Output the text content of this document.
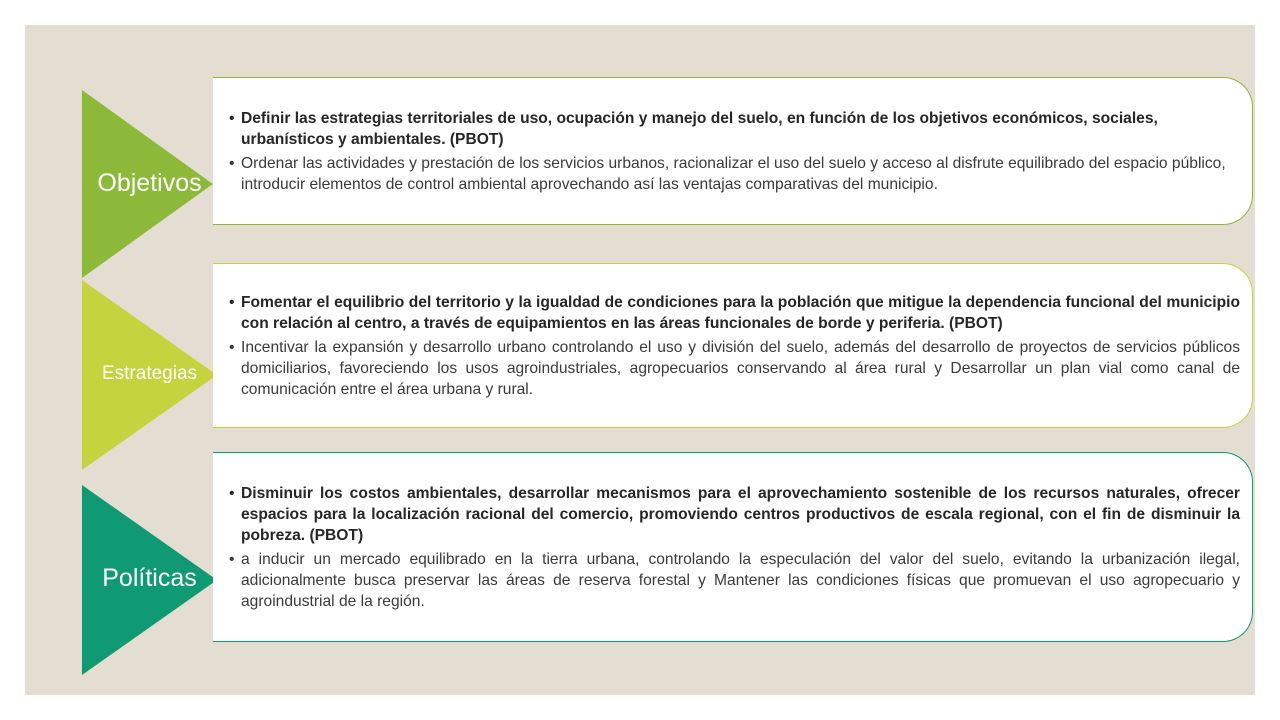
Objetivos
• Definir las estrategias territoriales de uso, ocupación y manejo del suelo, en función de los objetivos económicos, sociales, urbanísticos y ambientales. (PBOT)
• Ordenar las actividades y prestación de los servicios urbanos, racionalizar el uso del suelo y acceso al disfrute equilibrado del espacio público, introducir elementos de control ambiental aprovechando así las ventajas comparativas del municipio.
Estrategias
• Fomentar el equilibrio del territorio y la igualdad de condiciones para la población que mitigue la dependencia funcional del municipio con relación al centro, a través de equipamientos en las áreas funcionales de borde y periferia. (PBOT)
• Incentivar la expansión y desarrollo urbano controlando el uso y división del suelo, además del desarrollo de proyectos de servicios públicos domiciliarios, favoreciendo los usos agroindustriales, agropecuarios conservando al área rural y Desarrollar un plan vial como canal de comunicación entre el área urbana y rural.
Políticas
• Disminuir los costos ambientales, desarrollar mecanismos para el aprovechamiento sostenible de los recursos naturales, ofrecer espacios para la localización racional del comercio, promoviendo centros productivos de escala regional, con el fin de disminuir la pobreza. (PBOT)
• a inducir un mercado equilibrado en la tierra urbana, controlando la especulación del valor del suelo, evitando la urbanización ilegal, adicionalmente busca preservar las áreas de reserva forestal y Mantener las condiciones físicas que promuevan el uso agropecuario y agroindustrial de la región.
